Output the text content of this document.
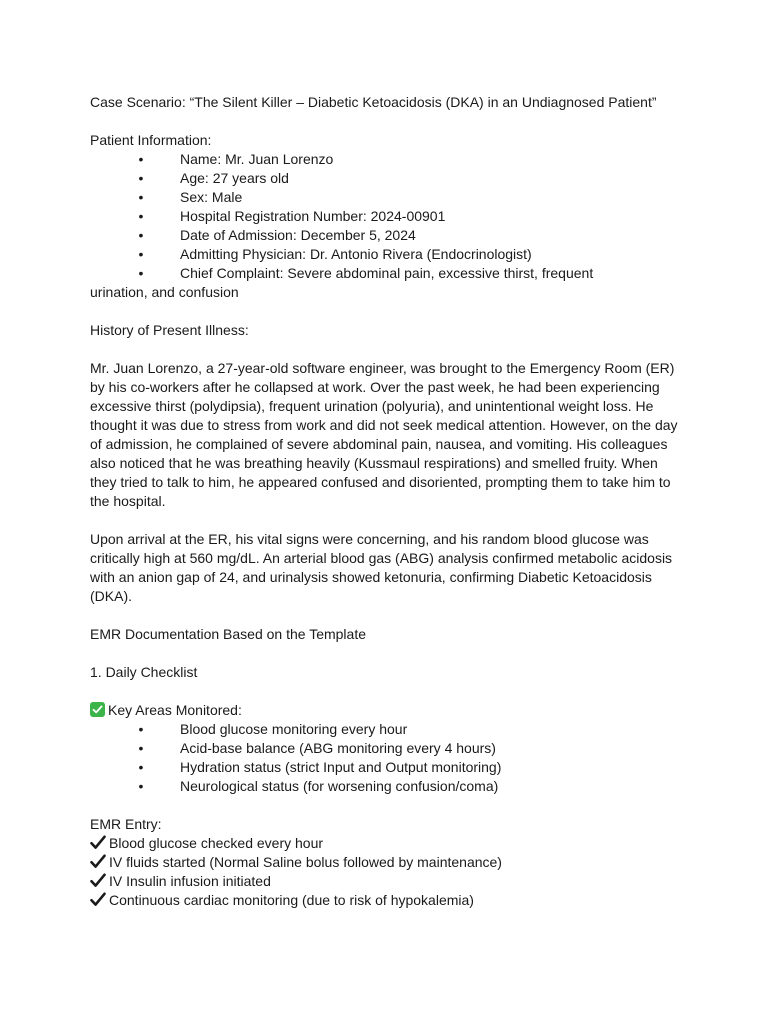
Case Scenario: “The Silent Killer – Diabetic Ketoacidosis (DKA) in an Undiagnosed Patient”

Patient Information:

•	Name: Mr. Juan Lorenzo
•	Age: 27 years old
•	Sex: Male
•	Hospital Registration Number: 2024-00901
•	Date of Admission: December 5, 2024
•	Admitting Physician: Dr. Antonio Rivera (Endocrinologist)
•	Chief Complaint: Severe abdominal pain, excessive thirst, frequent
urination, and confusion

History of Present Illness:

Mr. Juan Lorenzo, a 27-year-old software engineer, was brought to the Emergency Room (ER) by his co-workers after he collapsed at work. Over the past week, he had been experiencing excessive thirst (polydipsia), frequent urination (polyuria), and unintentional weight loss. He thought it was due to stress from work and did not seek medical attention. However, on the day of admission, he complained of severe abdominal pain, nausea, and vomiting. His colleagues also noticed that he was breathing heavily (Kussmaul respirations) and smelled fruity. When they tried to talk to him, he appeared confused and disoriented, prompting them to take him to the hospital.

Upon arrival at the ER, his vital signs were concerning, and his random blood glucose was critically high at 560 mg/dL. An arterial blood gas (ABG) analysis confirmed metabolic acidosis with an anion gap of 24, and urinalysis showed ketonuria, confirming Diabetic Ketoacidosis (DKA).

EMR Documentation Based on the Template

1. Daily Checklist

Key Areas Monitored:

•	Blood glucose monitoring every hour
•	Acid-base balance (ABG monitoring every 4 hours)
•	Hydration status (strict Input and Output monitoring)
•	Neurological status (for worsening confusion/coma)

EMR Entry:

Blood glucose checked every hour
IV fluids started (Normal Saline bolus followed by maintenance)
IV Insulin infusion initiated
Continuous cardiac monitoring (due to risk of hypokalemia)
